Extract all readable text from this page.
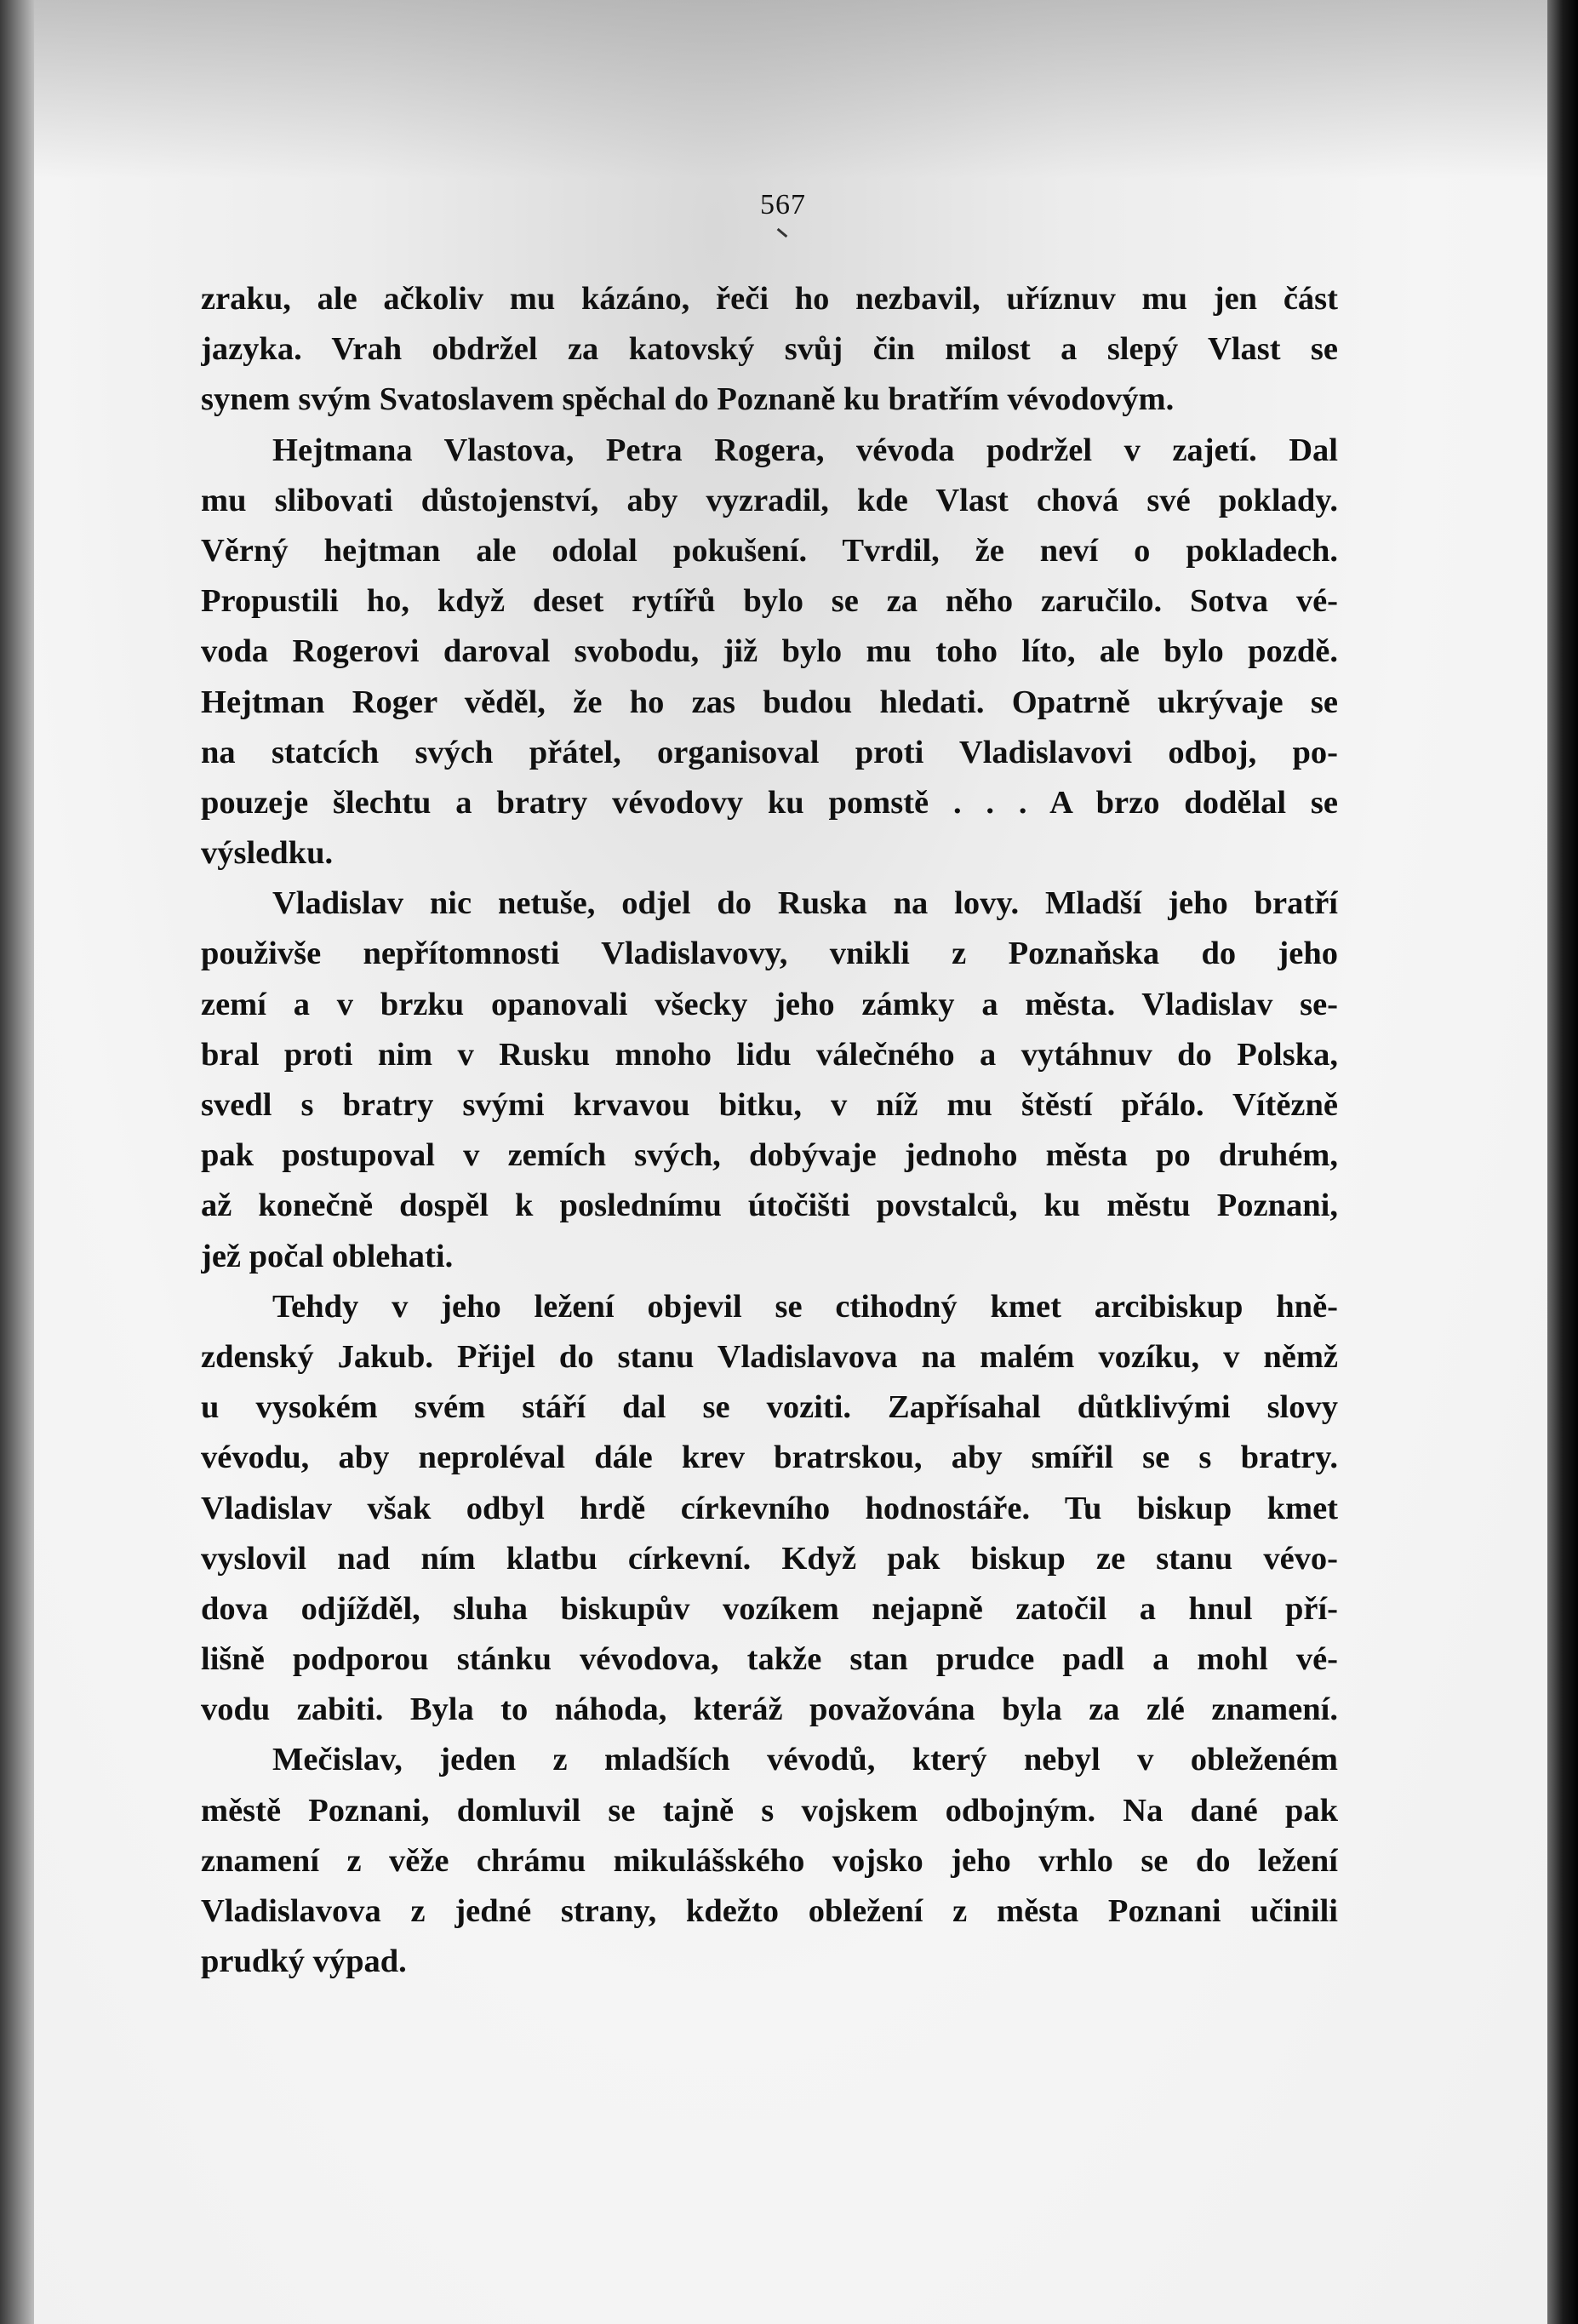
567
zraku, ale ačkoliv mu kázáno, řeči ho nezbavil, uříznuv mu jen část
jazyka. Vrah obdržel za katovský svůj čin milost a slepý Vlast se
synem svým Svatoslavem spěchal do Poznaně ku bratřím vévodovým.
Hejtmana Vlastova, Petra Rogera, vévoda podržel v zajetí. Dal
mu slibovati důstojenství, aby vyzradil, kde Vlast chová své poklady.
Věrný hejtman ale odolal pokušení. Tvrdil, že neví o pokladech.
Propustili ho, když deset rytířů bylo se za něho zaručilo. Sotva vé-
voda Rogerovi daroval svobodu, již bylo mu toho líto, ale bylo pozdě.
Hejtman Roger věděl, že ho zas budou hledati. Opatrně ukrývaje se
na statcích svých přátel, organisoval proti Vladislavovi odboj, po-
pouzeje šlechtu a bratry vévodovy ku pomstě . . . A brzo dodělal se
výsledku.
Vladislav nic netuše, odjel do Ruska na lovy. Mladší jeho bratří
použivše nepřítomnosti Vladislavovy, vnikli z Poznaňska do jeho
zemí a v brzku opanovali všecky jeho zámky a města. Vladislav se-
bral proti nim v Rusku mnoho lidu válečného a vytáhnuv do Polska,
svedl s bratry svými krvavou bitku, v níž mu štěstí přálo. Vítězně
pak postupoval v zemích svých, dobývaje jednoho města po druhém,
až konečně dospěl k poslednímu útočišti povstalců, ku městu Poznani,
jež počal oblehati.
Tehdy v jeho ležení objevil se ctihodný kmet arcibiskup hně-
zdenský Jakub. Přijel do stanu Vladislavova na malém vozíku, v němž
u vysokém svém stáří dal se voziti. Zapřísahal důtklivými slovy
vévodu, aby neproléval dále krev bratrskou, aby smířil se s bratry.
Vladislav však odbyl hrdě církevního hodnostáře. Tu biskup kmet
vyslovil nad ním klatbu církevní. Když pak biskup ze stanu vévo-
dova odjížděl, sluha biskupův vozíkem nejapně zatočil a hnul pří-
lišně podporou stánku vévodova, takže stan prudce padl a mohl vé-
vodu zabiti. Byla to náhoda, kteráž považována byla za zlé znamení.
Mečislav, jeden z mladších vévodů, který nebyl v obleženém
městě Poznani, domluvil se tajně s vojskem odbojným. Na dané pak
znamení z věže chrámu mikulášského vojsko jeho vrhlo se do ležení
Vladislavova z jedné strany, kdežto obležení z města Poznani učinili
prudký výpad.
